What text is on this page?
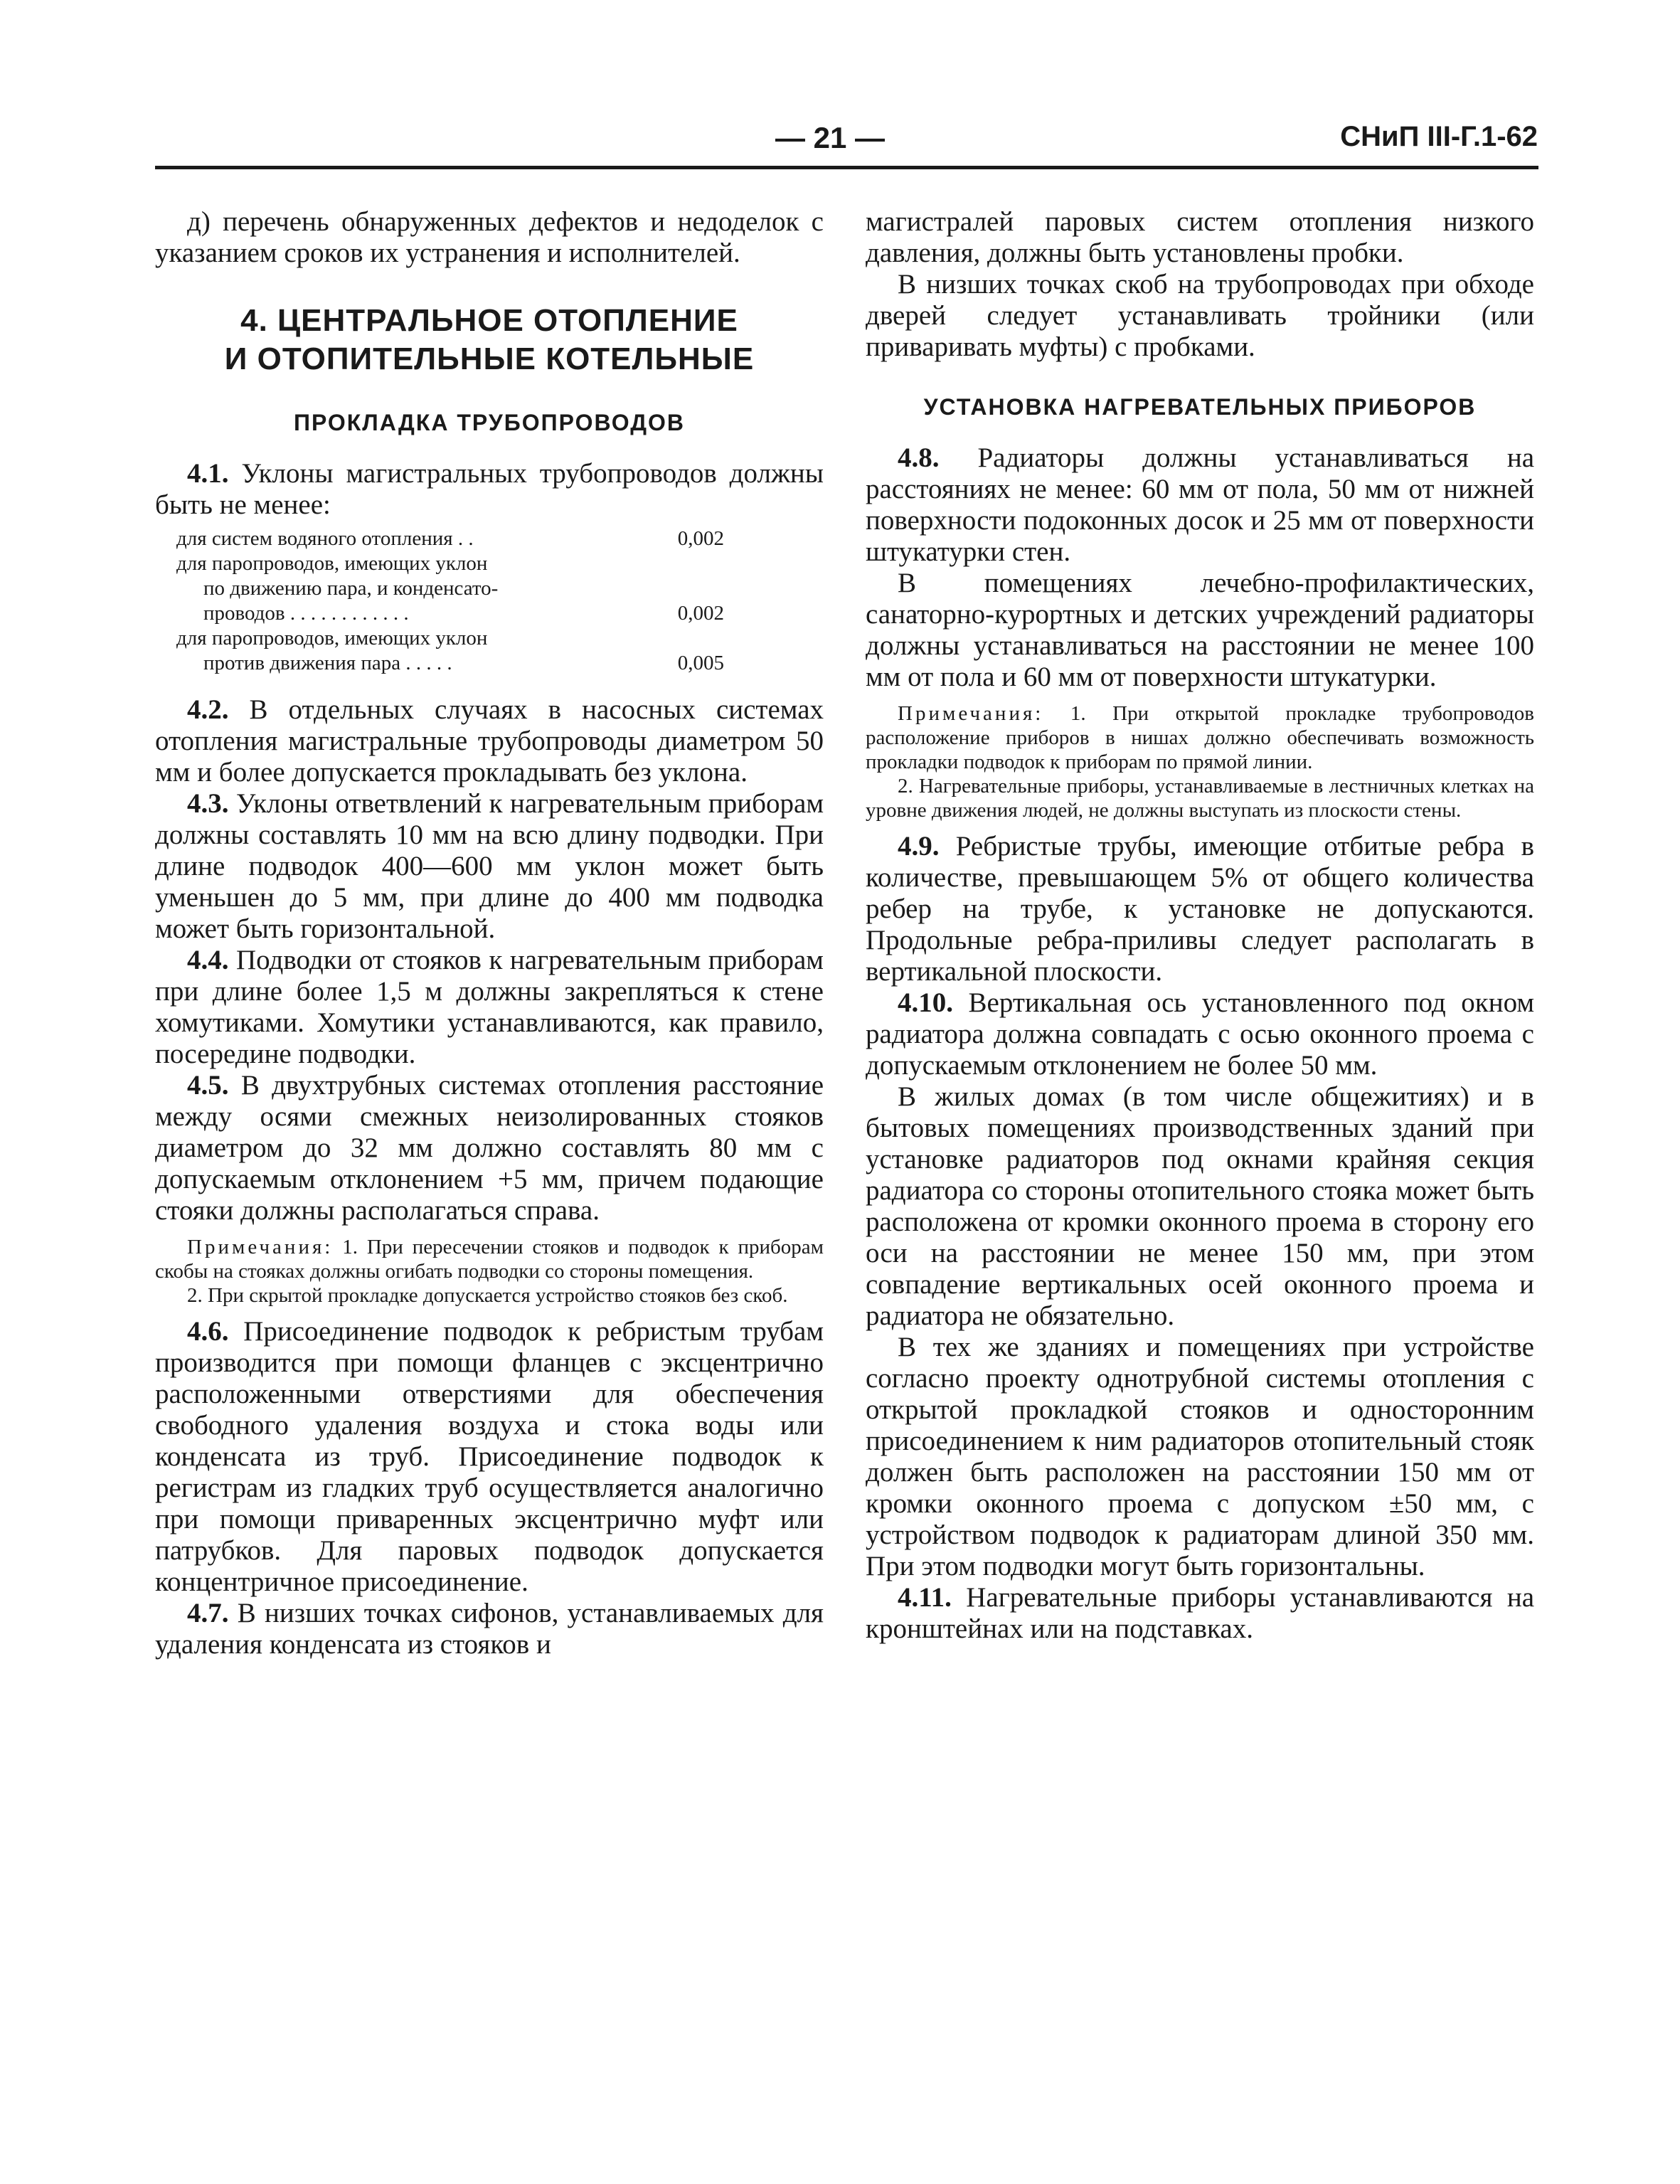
— 21 —	СНиП III-Г.1-62

д) перечень обнаруженных дефектов и недоделок с указанием сроков их устранения и исполнителей.

4. ЦЕНТРАЛЬНОЕ ОТОПЛЕНИЕ
И ОТОПИТЕЛЬНЫЕ КОТЕЛЬНЫЕ
ПРОКЛАДКА ТРУБОПРОВОДОВ

4.1. Уклоны магистральных трубопроводов должны быть не менее:

для систем водяного отопления . .	0,002
для паропроводов, имеющих уклон
по движению пара, и конденсато-
проводов . . . . . . . . . . . .	0,002
для паропроводов, имеющих уклон
против движения пара . . . . .	0,005

4.2. В отдельных случаях в насосных системах отопления магистральные трубопроводы диаметром 50 мм и более допускается прокладывать без уклона.

4.3. Уклоны ответвлений к нагревательным приборам должны составлять 10 мм на всю длину подводки. При длине подводок 400—600 мм уклон может быть уменьшен до 5 мм, при длине до 400 мм подводка может быть горизонтальной.

4.4. Подводки от стояков к нагревательным приборам при длине более 1,5 м должны закрепляться к стене хомутиками. Хомутики устанавливаются, как правило, посередине подводки.

4.5. В двухтрубных системах отопления расстояние между осями смежных неизолированных стояков диаметром до 32 мм должно составлять 80 мм с допускаемым отклонением +5 мм, причем подающие стояки должны располагаться справа.

Примечания: 1. При пересечении стояков и подводок к приборам скобы на стояках должны огибать подводки со стороны помещения.

2. При скрытой прокладке допускается устройство стояков без скоб.

4.6. Присоединение подводок к ребристым трубам производится при помощи фланцев с эксцентрично расположенными отверстиями для обеспечения свободного удаления воздуха и стока воды или конденсата из труб. Присоединение подводок к регистрам из гладких труб осуществляется аналогично при помощи приваренных эксцентрично муфт или патрубков. Для паровых подводок допускается концентричное присоединение.

4.7. В низших точках сифонов, устанавливаемых для удаления конденсата из стояков и

магистралей паровых систем отопления низкого давления, должны быть установлены пробки.

В низших точках скоб на трубопроводах при обходе дверей следует устанавливать тройники (или приваривать муфты) с пробками.

УСТАНОВКА НАГРЕВАТЕЛЬНЫХ ПРИБОРОВ

4.8. Радиаторы должны устанавливаться на расстояниях не менее: 60 мм от пола, 50 мм от нижней поверхности подоконных досок и 25 мм от поверхности штукатурки стен.

В помещениях лечебно-профилактических, санаторно-курортных и детских учреждений радиаторы должны устанавливаться на расстоянии не менее 100 мм от пола и 60 мм от поверхности штукатурки.

Примечания: 1. При открытой прокладке трубопроводов расположение приборов в нишах должно обеспечивать возможность прокладки подводок к приборам по прямой линии.

2. Нагревательные приборы, устанавливаемые в лестничных клетках на уровне движения людей, не должны выступать из плоскости стены.

4.9. Ребристые трубы, имеющие отбитые ребра в количестве, превышающем 5% от общего количества ребер на трубе, к установке не допускаются. Продольные ребра-приливы следует располагать в вертикальной плоскости.

4.10. Вертикальная ось установленного под окном радиатора должна совпадать с осью оконного проема с допускаемым отклонением не более 50 мм.

В жилых домах (в том числе общежитиях) и в бытовых помещениях производственных зданий при установке радиаторов под окнами крайняя секция радиатора со стороны отопительного стояка может быть расположена от кромки оконного проема в сторону его оси на расстоянии не менее 150 мм, при этом совпадение вертикальных осей оконного проема и радиатора не обязательно.

В тех же зданиях и помещениях при устройстве согласно проекту однотрубной системы отопления с открытой прокладкой стояков и односторонним присоединением к ним радиаторов отопительный стояк должен быть расположен на расстоянии 150 мм от кромки оконного проема с допуском ±50 мм, с устройством подводок к радиаторам длиной 350 мм. При этом подводки могут быть горизонтальны.

4.11. Нагревательные приборы устанавливаются на кронштейнах или на подставках.
